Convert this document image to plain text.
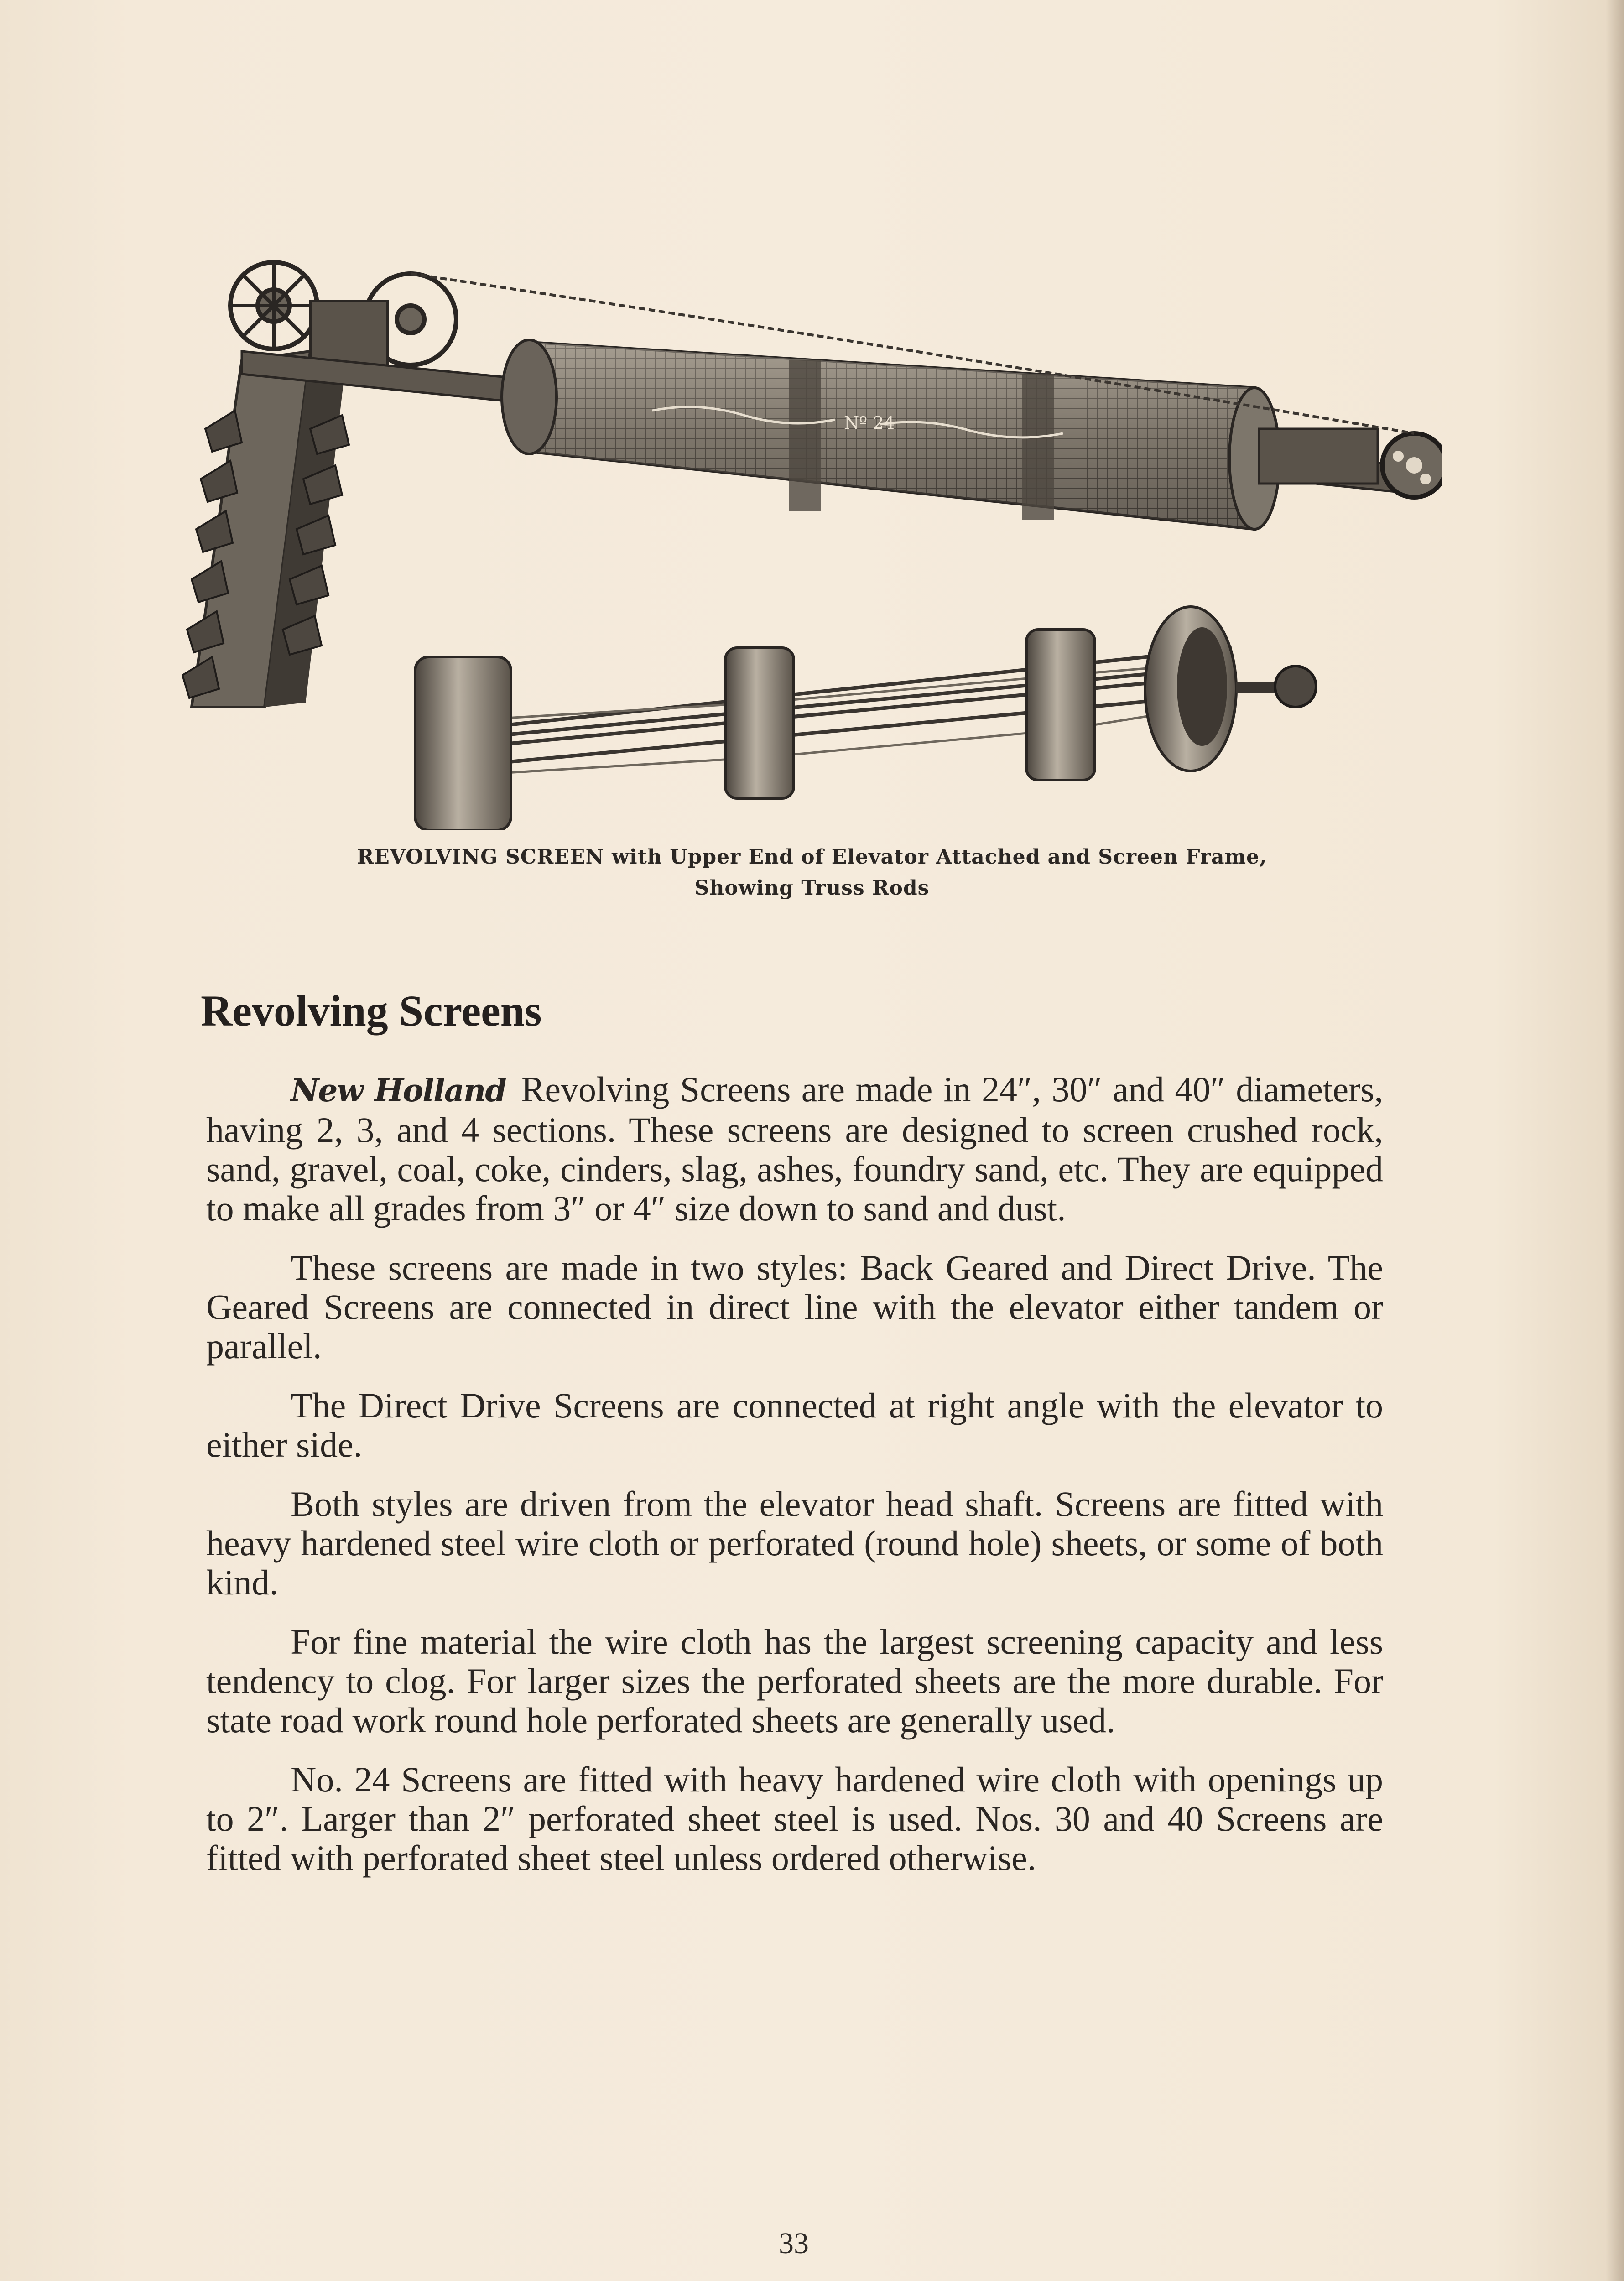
Nº 24
REVOLVING SCREEN with Upper End of Elevator Attached and Screen Frame,
Showing Truss Rods
Revolving Screens

New Holland Revolving Screens are made in 24″, 30″ and 40″ diameters, having 2, 3, and 4 sections. These screens are designed to screen crushed rock, sand, gravel, coal, coke, cinders, slag, ashes, foundry sand, etc. They are equipped to make all grades from 3″ or 4″ size down to sand and dust.

These screens are made in two styles: Back Geared and Direct Drive. The Geared Screens are connected in direct line with the elevator either tandem or parallel.

The Direct Drive Screens are connected at right angle with the elevator to either side.

Both styles are driven from the elevator head shaft. Screens are fitted with heavy hardened steel wire cloth or perforated (round hole) sheets, or some of both kind.

For fine material the wire cloth has the largest screening capacity and less tendency to clog. For larger sizes the perforated sheets are the more durable. For state road work round hole perforated sheets are generally used.

No. 24 Screens are fitted with heavy hardened wire cloth with openings up to 2″. Larger than 2″ perforated sheet steel is used. Nos. 30 and 40 Screens are fitted with perforated sheet steel unless ordered otherwise.

33
